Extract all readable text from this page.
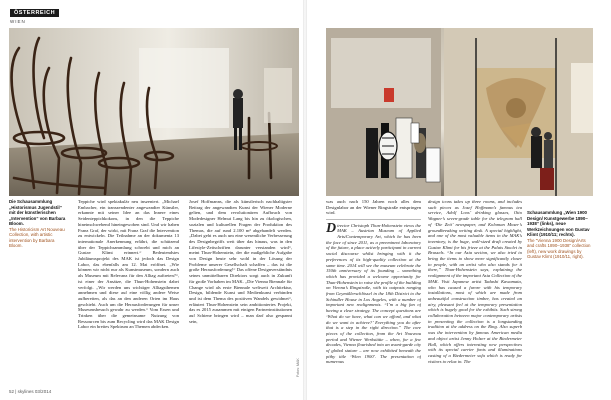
ÖSTERREICH
WIEN
Die Schausammlung „Historismus Jugendstil“ mit der künstlerischen „Intervention“ von Barbara Bloom.
The Historicism Art Nouveau Collection, with artistic intervention by Barbara Bloom.
Schausammlung „Wien 1900 Design/ Kunstgewerbe 1890–1938“ (links), neue Werkzeichnungen von Gustav Klimt (1910/11; rechts).
The “Vienna 1900 Design/Arts and crafts 1890–1938” collection (left), new work drawings by Gustav Klimt (1910/11, right).
Fotos: MAK
Teppiche wird spektakulär neu inszeniert. „Michael Embacher, ein transzendenter angewandter Künstler, erkannte mit seiner Idee an das Innere eines Seidenteppichkokons, in den die Teppiche hineinschwebend hineingewoben sind. Und wir haben Franz Graf, der wirkt, mit Franz Graf die Intervention zu entwickeln. Die Teilnahme an der dokumenta 13 internationale Anerkennung erfährt, die schützend über der Teppichsammlung schwebt und mich an Gustav Klimt erinnert.“ Bedeutendstes Jubiläumsprojekt des MAK ist jedoch das Design Labor, das ebenfalls am 12. Mai eröffnet. „Wie können wir nicht nur als Kunstmuseum, sondern auch als Museum mit Relevanz für den Alltag auftreten?“, ist einer der Ansätze, die Thun-Hohenstein dabei verfolgt. „Wir werden uns wichtiger Alltagsthemen annehmen und diese auf eine völlig andere Weise aufbereiten, als das an den anderen Orten im Haus geschieht. Auch um die Herausforderungen für unser Museumsbesuch gewahr zu werden.“ Vom Essen und Trinken über die gemeinsame Nutzung von Ressourcen bis zum Recycling wird das MAK Design Labor ein breites Spektrum an Themen abdecken.
Josef Hoffmanns, die als künstlerisch nachhaltigster Beitrag der angewandten Kunst der Wiener Moderne gelten, und dem revolutionären Aufbruch von Modedesigner Helmut Lang bis hin zu ökologischen, sozialen und kulturellen Fragen der Produktion des Themas, die auf rund 2.100 m² abgehandelt werden. „Dabei geht es auch um eine wesentliche Verbesserung des Designbegriffs weit über das hinaus, was in den Lifestyle-Zeitschriften darunter verstanden wird“, meint Thun-Hohenstein, der die maßgebliche Aufgabe von Design heute sehr wohl in der Lösung der Probleme unserer Gesellschaft schaffen – das ist die große Herausforderung!“ Das offene Designverständnis seines unmittelbaren Direktors sorgt auch in Zukunft für große Vorhaben im MAK. „Die Vienna Biennale für Change wird als erste Biennale weltweit Architektur, Design, bildende Kunst und Medienkunst verbinden und ist dem Thema des positiven Wandels gewidmet“, erläutert Thun-Hohenstein sein ambitioniertes Projekt, das es 2015 zusammen mit einigen Partnerinstitutionen auf Schiene bringen wird – man darf also gespannt sein,
was auch nach 150 Jahren noch alles dem Designlabor an der Wiener Ringstraße entspringen wird.
Director Christoph Thun-Hohenstein views the MAK – Austrian Museum of Applied Arts/Contemporary Art, which he has been the face of since 2011, as a preeminent laboratory of the future, a place actively participant in current social discourse whilst bringing with it the preferences of its high-quality collection at the same time. 2014 will see the museum celebrate the 150th anniversary of its founding – something which has provided a welcome opportunity for Thun-Hohenstein to raise the profile of the building on Vienna’s Ringstraße, with its outposts ranging from Geymüllerschlössel in the 18th District to the Schindler House in Los Angeles, with a number of important new realignments. “I’m a big fan of having a clear strategy. The concept questions are ‘What do we have, what can we afford, and what do we want to achieve?’ Everything you do after that is a step in the right direction.” The core pieces of the collection, from the Art Nouveau period and Wiener Werkstätte – when, for a few decades, Vienna flourished into an avant-garde city of global stature – are now exhibited beneath the pithy title ‘Wien 1900’. The presentation of numerous
design icons takes up three rooms, and includes such pieces as Josef Hoffmann’s famous tea service, Adolf Loos’ drinking glasses, Otto Wagner’s seven-grade table for the telegram hall of ‘Die Zeit’ newspaper, and Koloman Moser’s groundbreaking writing desk. A special highlight, and one of the most valuable items in the MAK’s inventory, is the huge, wall-sized draft created by Gustav Klimt for his frieze at the Palais Stoclet in Brussels. “In our Asia section, we also tried to bring the items to show more significantly closer to people, with an artist who also stands for it there,” Thun-Hohenstein says, explaining the realignment of the important Asia Collection of the MAK. Visit Japanese artist Tadashi Kawamata, who has caused a furore with his temporary installations, most of which are made from unbeautiful construction timber, has created an airy, pleasant feel at the temporary presentation which is hugely good for the exhibits. Such strong collaboration between major contemporary artists in presenting the collection is a longstanding tradition at the address on the Ring. Also superb was the intervention by famous American media and object artist Jenny Holzer at the Biedermeier Hall, which offers interesting new perspectives with its special carrier fonts and illuminations casting of a Biedermeier sofa which is ready for visitors to relax in. The
52 | skylines 03/2014
